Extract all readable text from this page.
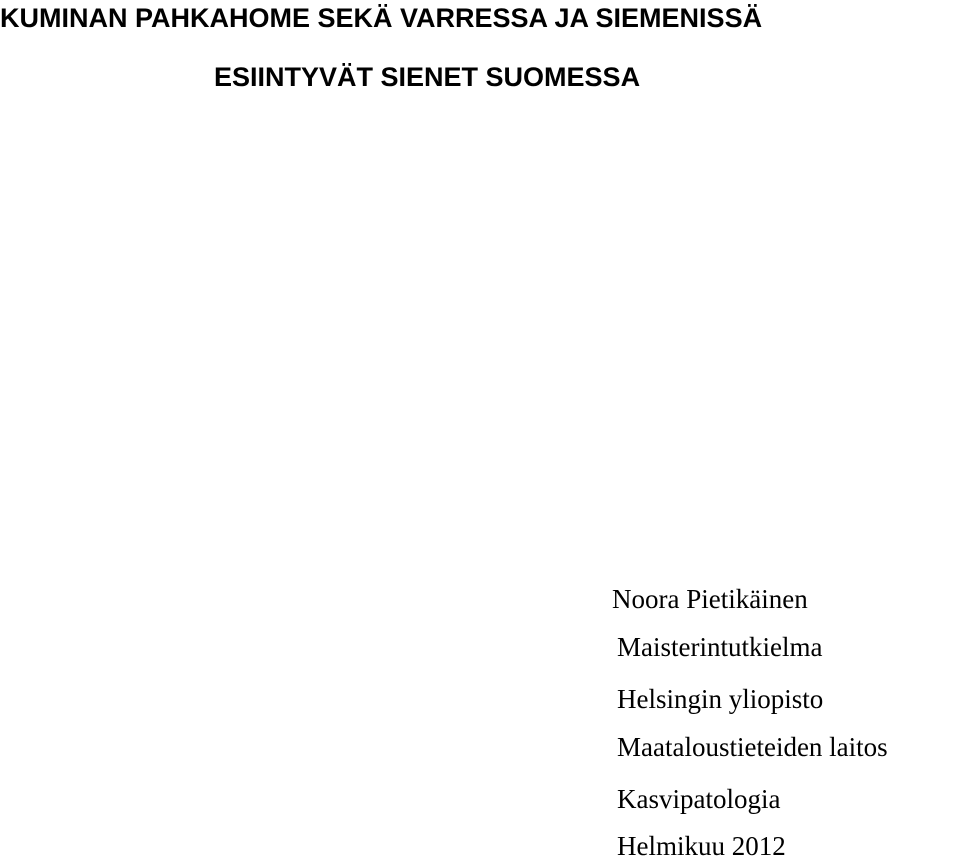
KUMINAN PAHKAHOME SEKÄ VARRESSA JA SIEMENISSÄ
ESIINTYVÄT SIENET SUOMESSA
Noora Pietikäinen
Maisterintutkielma
Helsingin yliopisto
Maataloustieteiden laitos
Kasvipatologia
Helmikuu 2012
